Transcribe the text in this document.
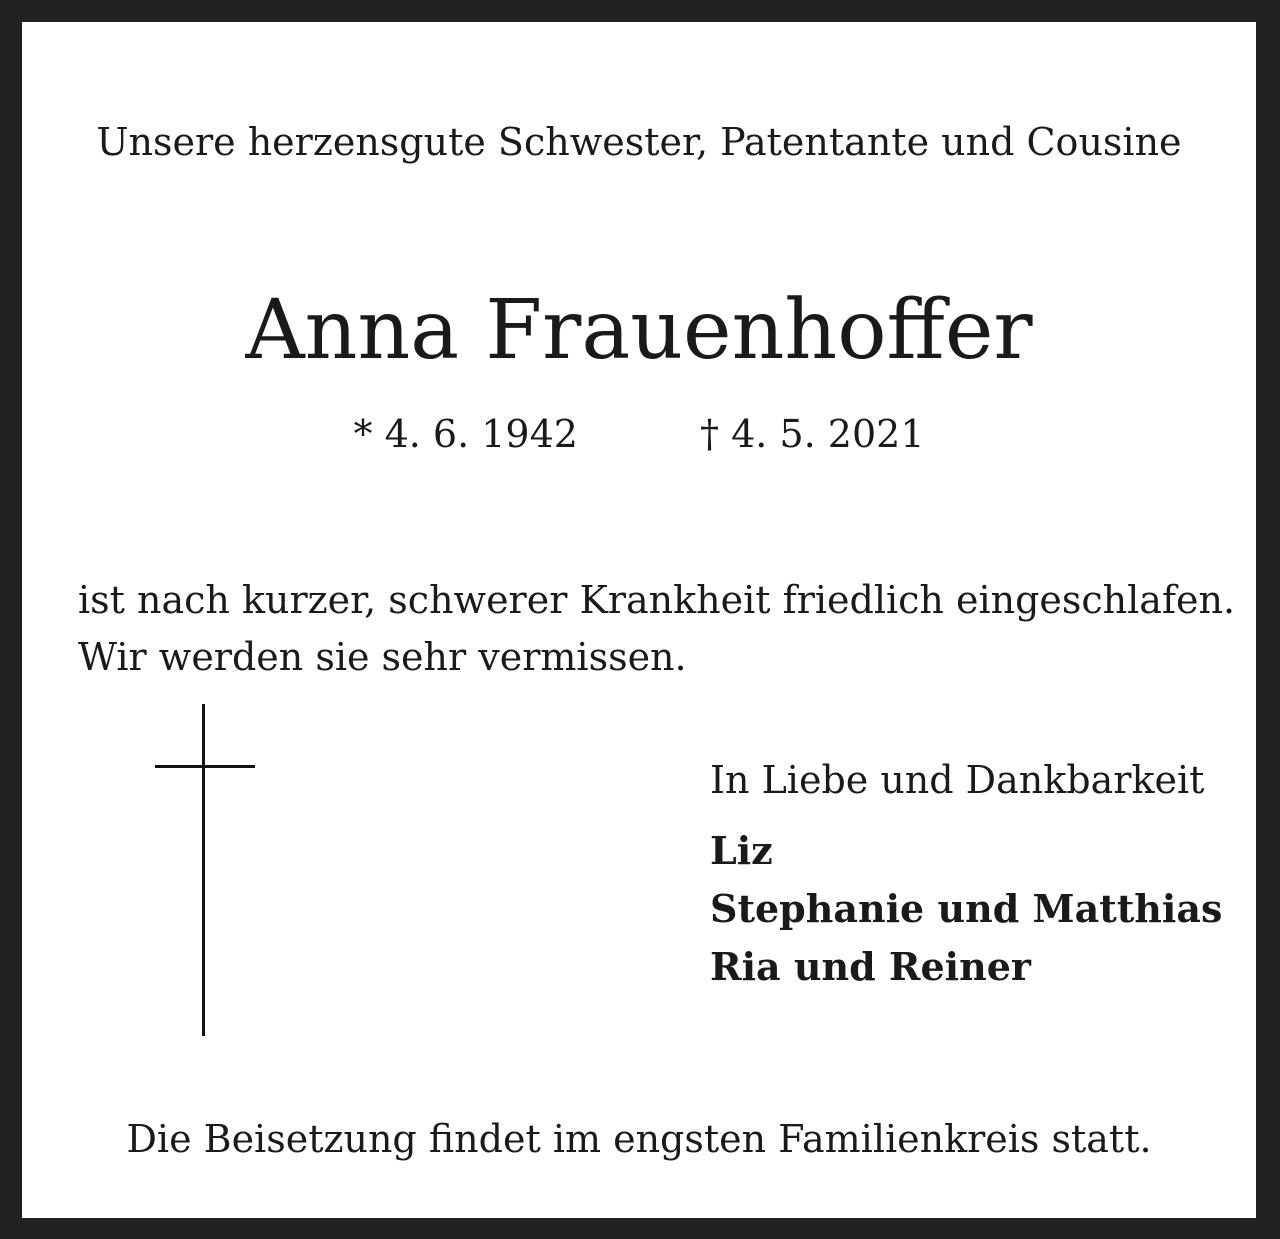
Unsere herzensgute Schwester, Patentante und Cousine
Anna Frauenhoffer
* 4. 6. 1942	† 4. 5. 2021
ist nach kurzer, schwerer Krankheit friedlich eingeschlafen.
Wir werden sie sehr vermissen.
In Liebe und Dankbarkeit
Liz
Stephanie und Matthias
Ria und Reiner
Die Beisetzung findet im engsten Familienkreis statt.
